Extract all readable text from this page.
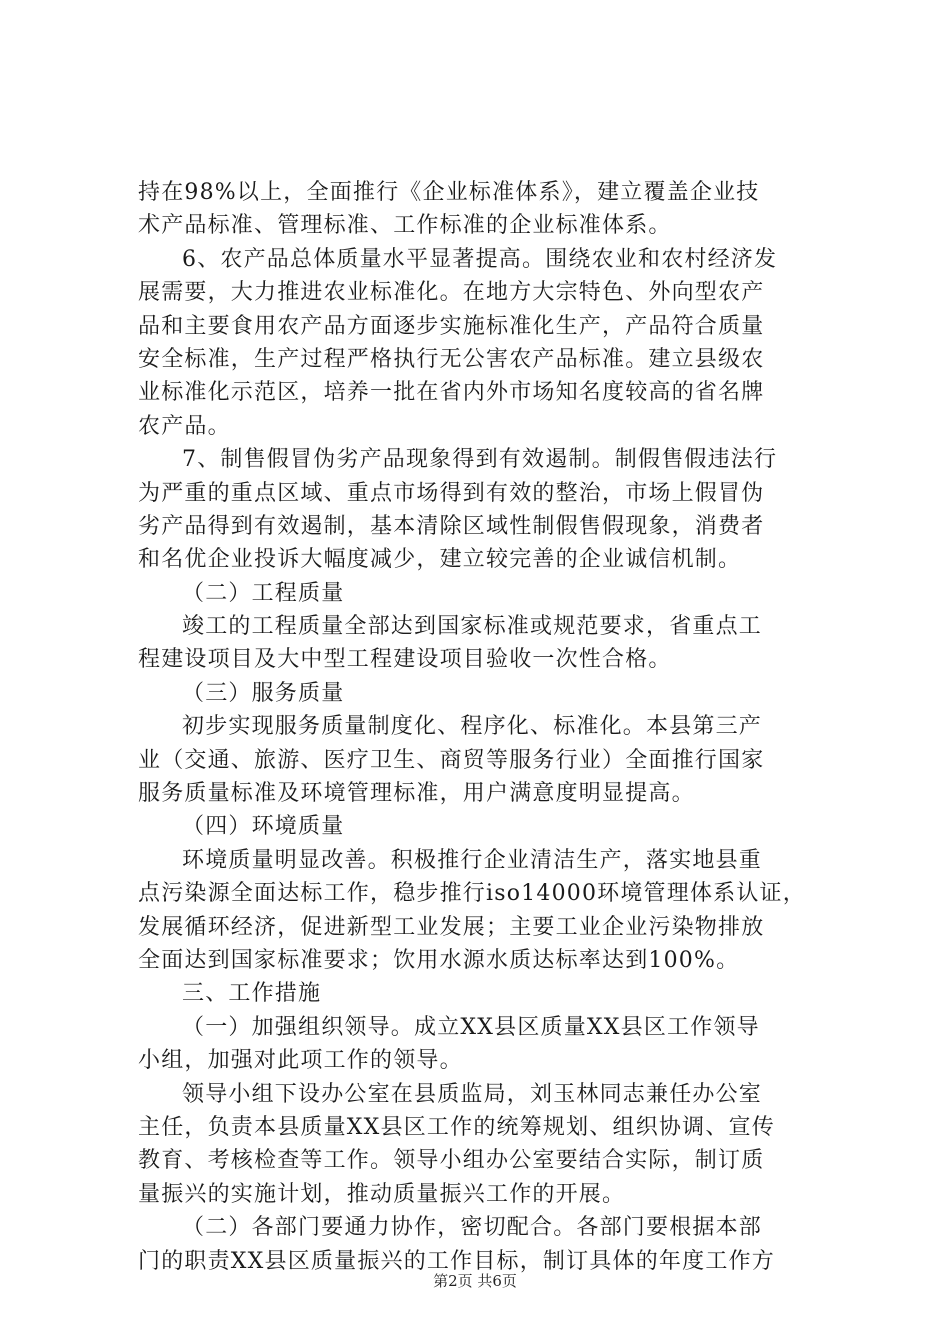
持在98%以上，全面推行《企业标准体系》，建立覆盖企业技
术产品标准、管理标准、工作标准的企业标准体系。
6、农产品总体质量水平显著提高。围绕农业和农村经济发
展需要，大力推进农业标准化。在地方大宗特色、外向型农产
品和主要食用农产品方面逐步实施标准化生产，产品符合质量
安全标准，生产过程严格执行无公害农产品标准。建立县级农
业标准化示范区，培养一批在省内外市场知名度较高的省名牌
农产品。
7、制售假冒伪劣产品现象得到有效遏制。制假售假违法行
为严重的重点区域、重点市场得到有效的整治，市场上假冒伪
劣产品得到有效遏制，基本清除区域性制假售假现象，消费者
和名优企业投诉大幅度减少，建立较完善的企业诚信机制。
（二）工程质量
竣工的工程质量全部达到国家标准或规范要求，省重点工
程建设项目及大中型工程建设项目验收一次性合格。
（三）服务质量
初步实现服务质量制度化、程序化、标准化。本县第三产
业（交通、旅游、医疗卫生、商贸等服务行业）全面推行国家
服务质量标准及环境管理标准，用户满意度明显提高。
（四）环境质量
环境质量明显改善。积极推行企业清洁生产，落实地县重
点污染源全面达标工作，稳步推行iso14000环境管理体系认证，
发展循环经济，促进新型工业发展；主要工业企业污染物排放
全面达到国家标准要求；饮用水源水质达标率达到100%。
三、工作措施
（一）加强组织领导。成立XX县区质量XX县区工作领导
小组，加强对此项工作的领导。
领导小组下设办公室在县质监局，刘玉林同志兼任办公室
主任，负责本县质量XX县区工作的统筹规划、组织协调、宣传
教育、考核检查等工作。领导小组办公室要结合实际，制订质
量振兴的实施计划，推动质量振兴工作的开展。
（二）各部门要通力协作，密切配合。各部门要根据本部
门的职责XX县区质量振兴的工作目标，制订具体的年度工作方
第2页 共6页
